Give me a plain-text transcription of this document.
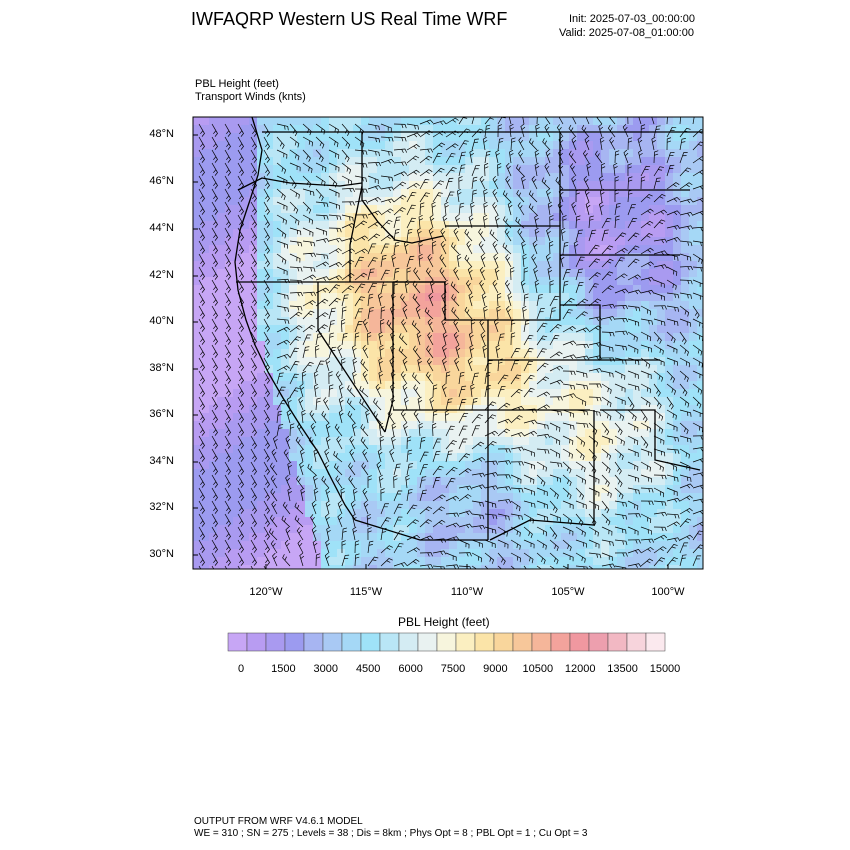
IWFAQRP Western US Real Time WRF	Init: 2025-07-03_00:00:00
Valid: 2025-07-08_01:00:00
PBL Height (feet)
Transport Winds (knts)
48°N
46°N
44°N
42°N
40°N
38°N
36°N
34°N
32°N
30°N
120°W	115°W	110°W	105°W	100°W
PBL Height (feet)
0	1500	3000	4500	6000	7500	9000	10500	12000	13500	15000
OUTPUT FROM WRF V4.6.1 MODEL
WE = 310 ; SN = 275 ; Levels = 38 ; Dis = 8km ; Phys Opt = 8 ; PBL Opt = 1 ; Cu Opt = 3
